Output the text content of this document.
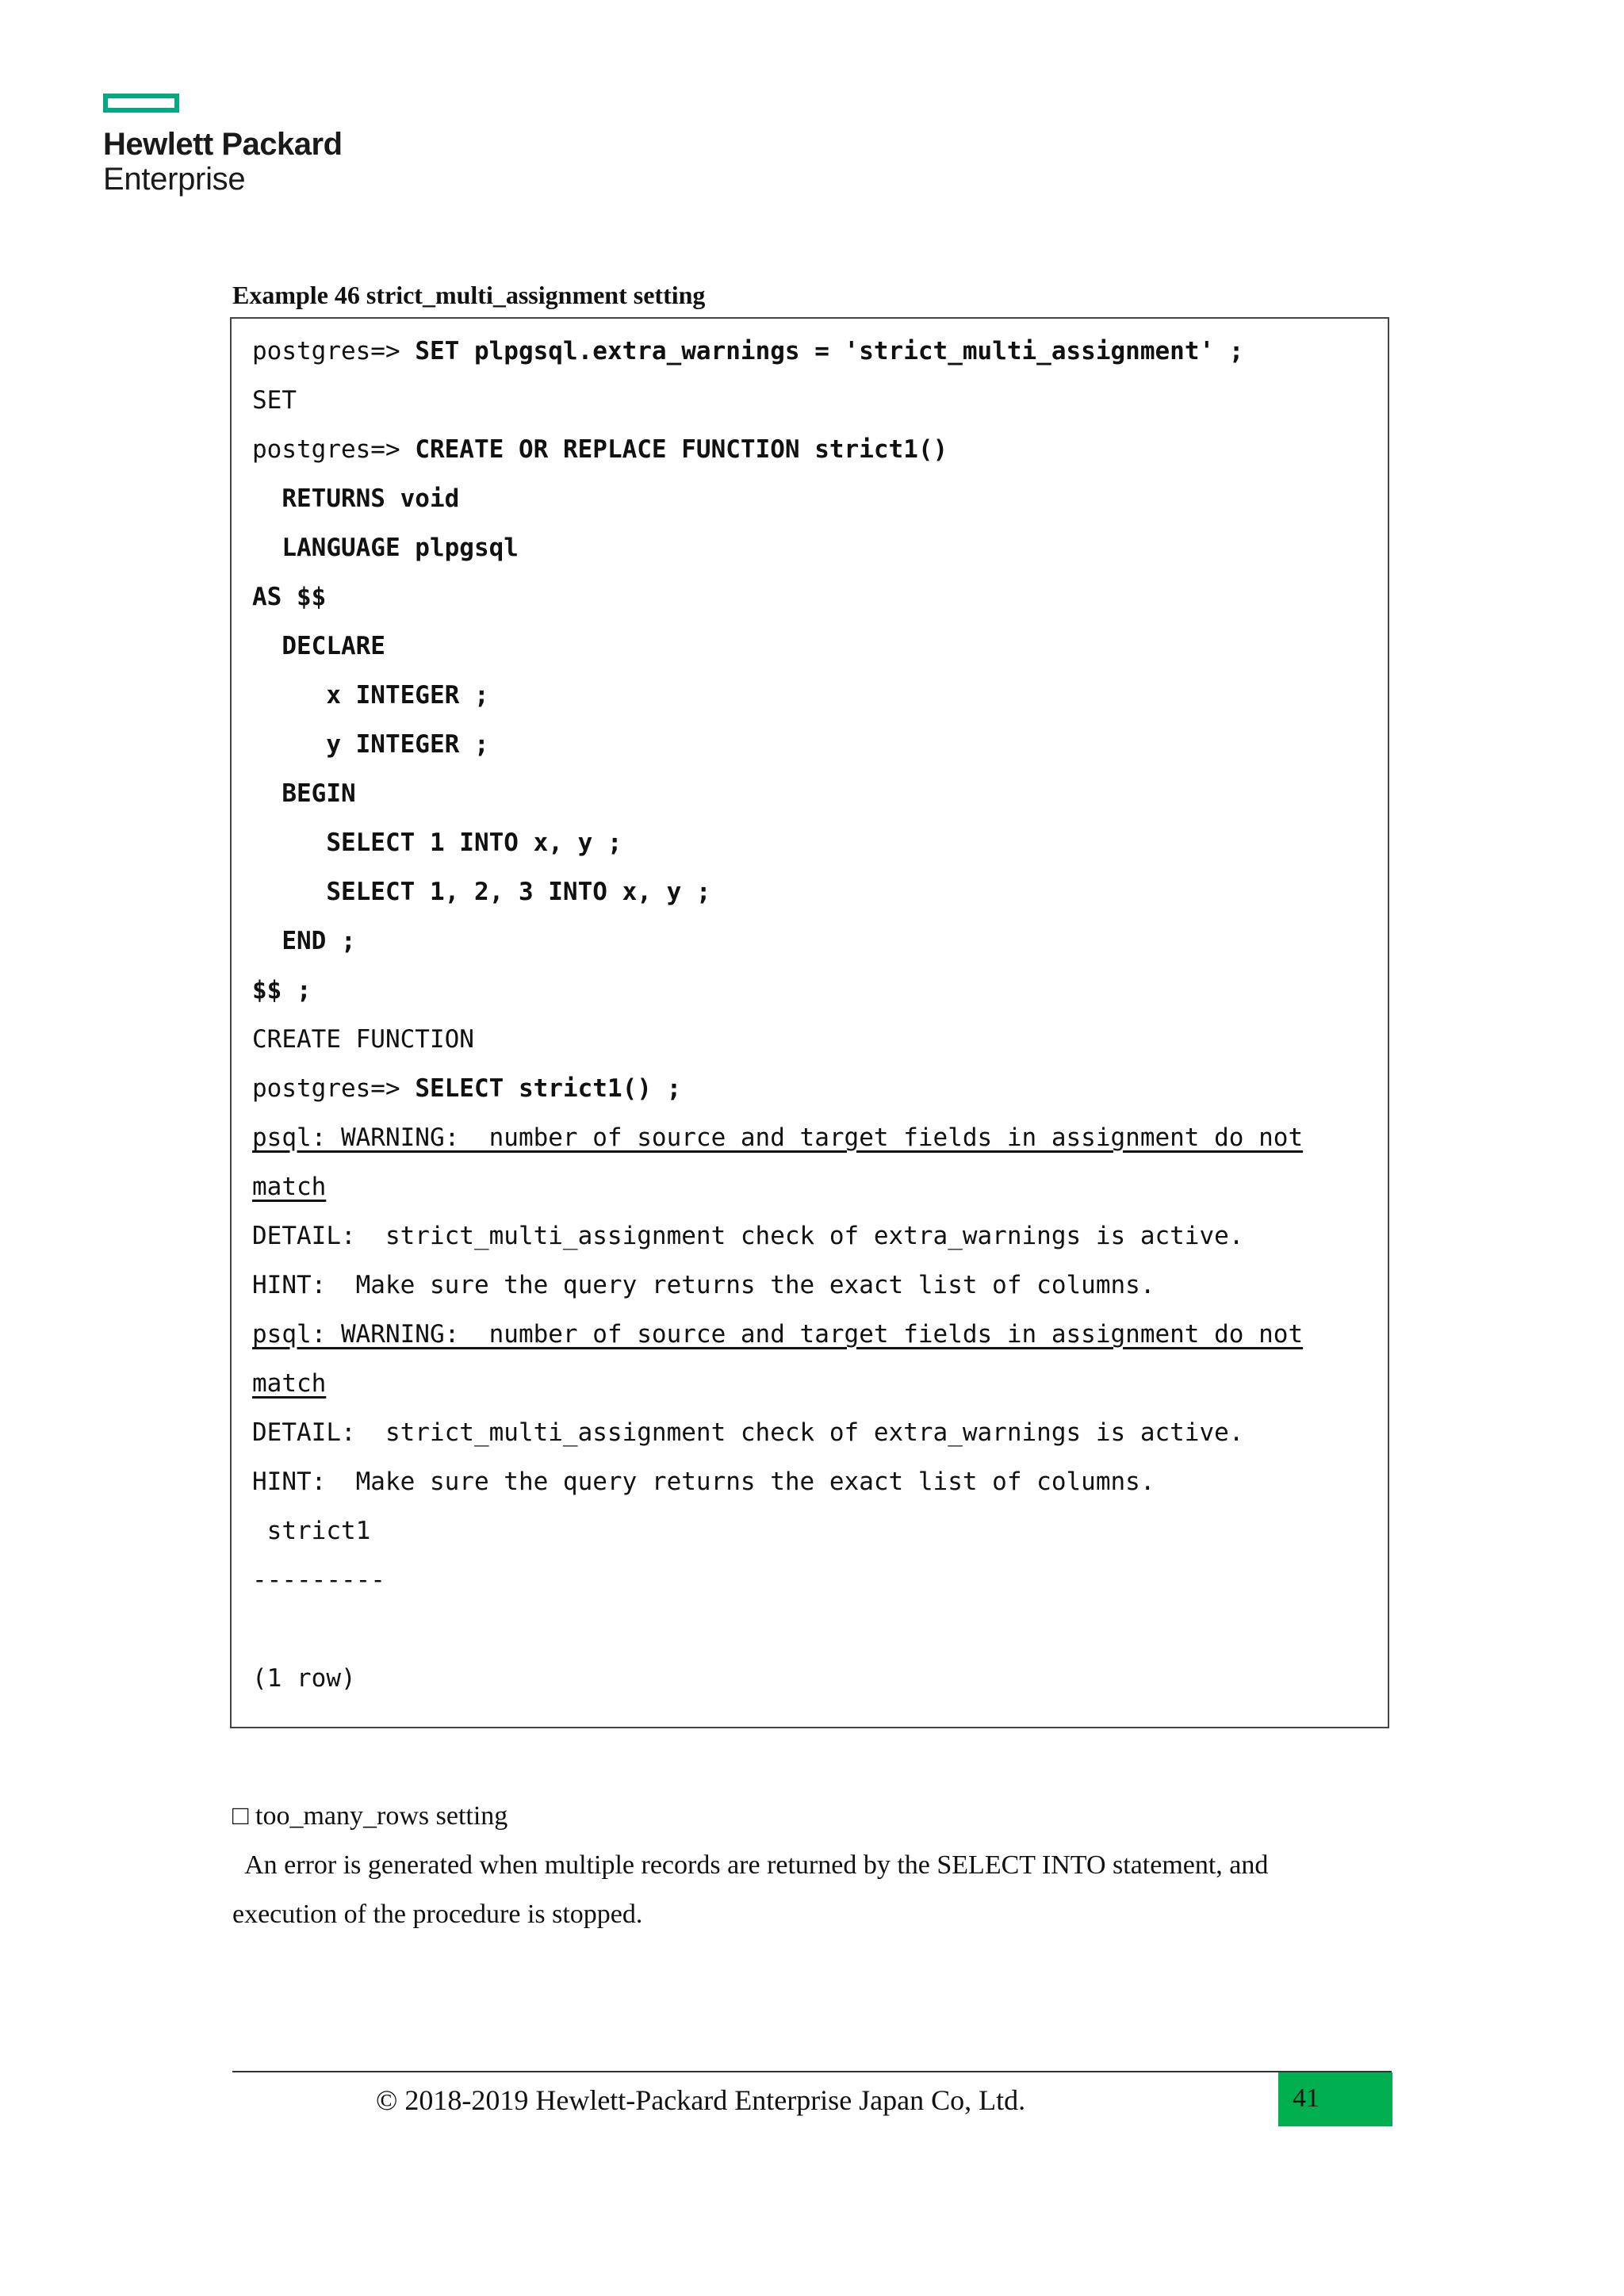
Hewlett Packard
Enterprise
Example 46 strict_multi_assignment setting
postgres=> SET plpgsql.extra_warnings = 'strict_multi_assignment' ;
SET
postgres=> CREATE OR REPLACE FUNCTION strict1()
RETURNS void
LANGUAGE plpgsql
AS $$
DECLARE
x INTEGER ;
y INTEGER ;
BEGIN
SELECT 1 INTO x, y ;
SELECT 1, 2, 3 INTO x, y ;
END ;
$$ ;
CREATE FUNCTION
postgres=> SELECT strict1() ;
psql: WARNING:  number of source and target fields in assignment do not
match
DETAIL:  strict_multi_assignment check of extra_warnings is active.
HINT:  Make sure the query returns the exact list of columns.
psql: WARNING:  number of source and target fields in assignment do not
match
DETAIL:  strict_multi_assignment check of extra_warnings is active.
HINT:  Make sure the query returns the exact list of columns.
strict1
---------
(1 row)
□ too_many_rows setting
An error is generated when multiple records are returned by the SELECT INTO statement, and
execution of the procedure is stopped.
© 2018-2019 Hewlett-Packard Enterprise Japan Co, Ltd.	41
